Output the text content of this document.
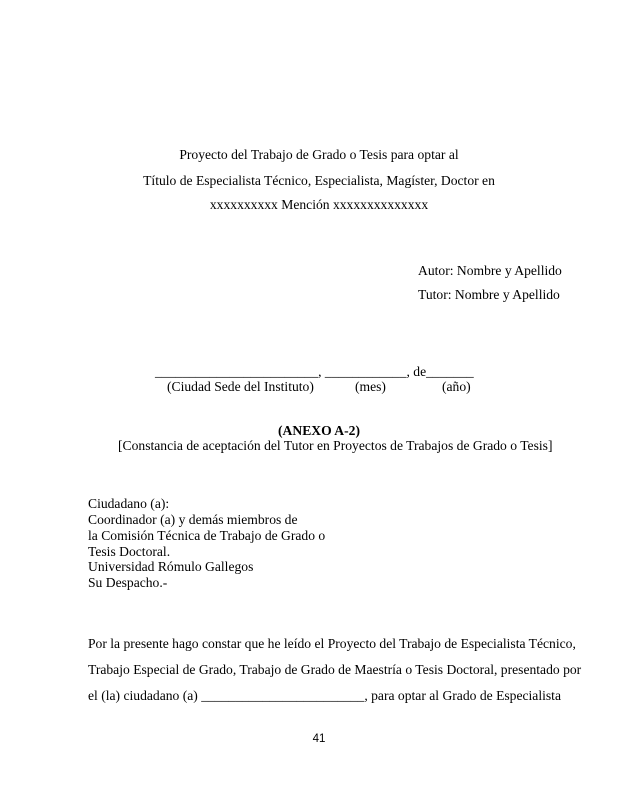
Proyecto del Trabajo de Grado o Tesis para optar al
Título de Especialista Técnico, Especialista, Magíster, Doctor en
xxxxxxxxxx Mención xxxxxxxxxxxxxx
Autor: Nombre y Apellido
Tutor: Nombre y Apellido
________________________, ____________, de_______
(Ciudad Sede del Instituto)	(mes)	(año)
(ANEXO A-2)
[Constancia de aceptación del Tutor en Proyectos de Trabajos de Grado o Tesis]
Ciudadano (a):
Coordinador (a) y demás miembros de
la Comisión Técnica de Trabajo de Grado o
Tesis Doctoral.
Universidad Rómulo Gallegos
Su Despacho.-
Por la presente hago constar que he leído el Proyecto del Trabajo de Especialista Técnico,
Trabajo Especial de Grado, Trabajo de Grado de Maestría o Tesis Doctoral, presentado por
el (la) ciudadano (a) ________________________, para optar al Grado de Especialista
41
